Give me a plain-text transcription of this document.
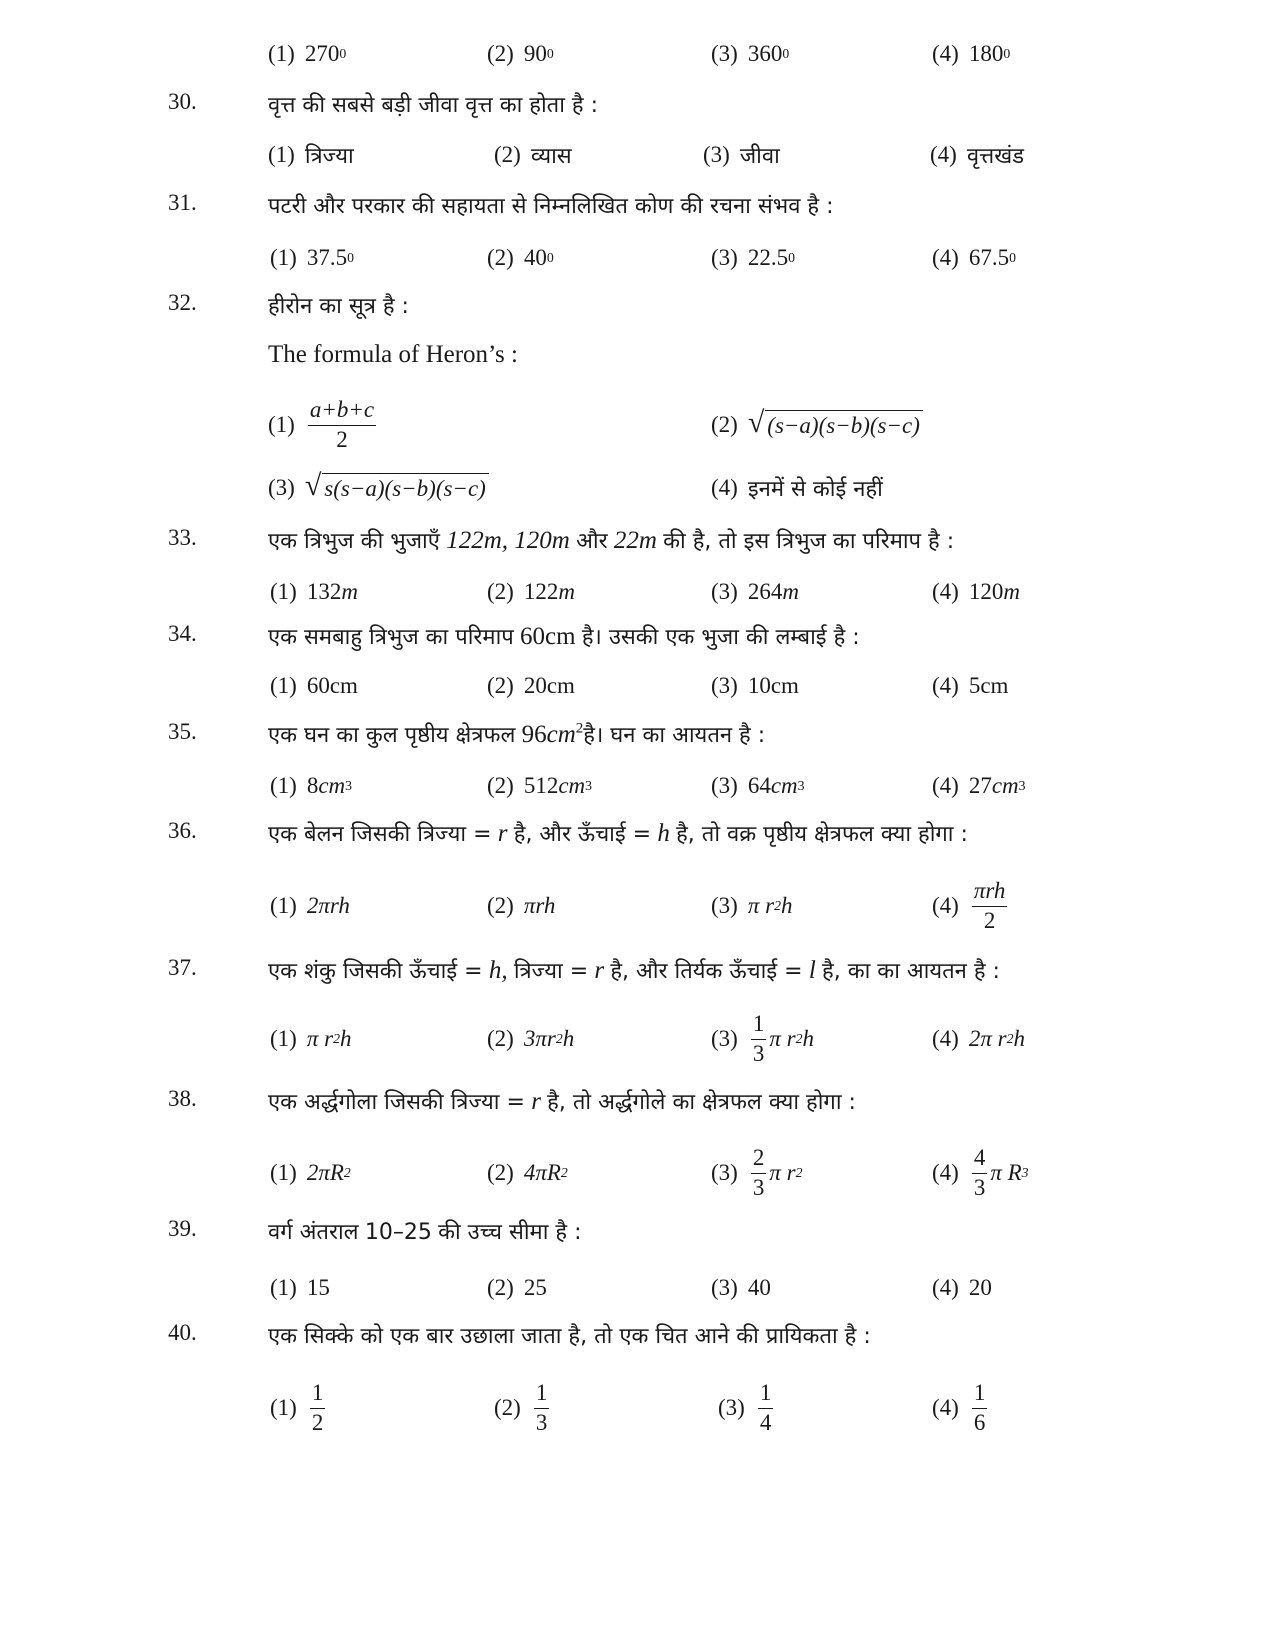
(1) 270 0	(2) 90 0	(3) 360 0	(4) 180 0
30.	वृत्त की सबसे बड़ी जीवा वृत्त का होता है :
(1) त्रिज्या	(2) व्यास	(3) जीवा	(4) वृत्तखंड
31.	पटरी और परकार की सहायता से निम्नलिखित कोण की रचना संभव है :
(1) 37.5 0	(2) 40 0	(3) 22.5 0	(4) 67.5 0
32.	हीरोन का सूत्र है :
The formula of Heron’s :
$(1) \frac{a+b+c}{2}$	(2) √ (s−a)(s−b)(s−c)
(3) √ s(s−a)(s−b)(s−c)	(4) इनमें से कोई नहीं
33.	एक त्रिभुज की भुजाएँ 122m, 120m और 22m की है, तो इस त्रिभुज का परिमाप है :
(1) 132 m	(2) 122 m	(3) 264 m	(4) 120 m
34.	एक समबाहु त्रिभुज का परिमाप 60cm है। उसकी एक भुजा की लम्बाई है :
(1) 60cm	(2) 20cm	(3) 10cm	(4) 5cm
35.	एक घन का कुल पृष्ठीय क्षेत्रफल $96cm^2है।$ घन का आयतन है :
(1) 8 cm 3	(2) 512 cm 3	(3) 64 cm 3	(4) 27 cm 3
36.	एक बेलन जिसकी त्रिज्या = r है, और ऊँचाई = h है, तो वक्र पृष्ठीय क्षेत्रफल क्या होगा :
(1) 2πrh	(2) πrh	(3) π r 2 h	$(4) \frac{\text{πrh}}{2}$
37.	एक शंकु जिसकी ऊँचाई = h, त्रिज्या = r है, और तिर्यक ऊँचाई = l है, का का आयतन है :
(1) π r 2 h	(2) 3πr 2 h	$(3) \frac{1}{3}$ π r 2 h	(4) 2π r 2 h
38.	एक अर्द्धगोला जिसकी त्रिज्या = r है, तो अर्द्धगोले का क्षेत्रफल क्या होगा :
(1) 2πR 2	(2) 4πR 2	$(3) \frac{2}{3}$ π r 2	$(4) \frac{4}{3}$ π R 3
39.	वर्ग अंतराल 10–25 की उच्च सीमा है :
(1) 15	(2) 25	(3) 40	(4) 20
40.	एक सिक्के को एक बार उछाला जाता है, तो एक चित आने की प्रायिकता है :
$(1) \frac{1}{2}$	$(2) \frac{1}{3}$	$(3) \frac{1}{4}$	$(4) \frac{1}{6}$
